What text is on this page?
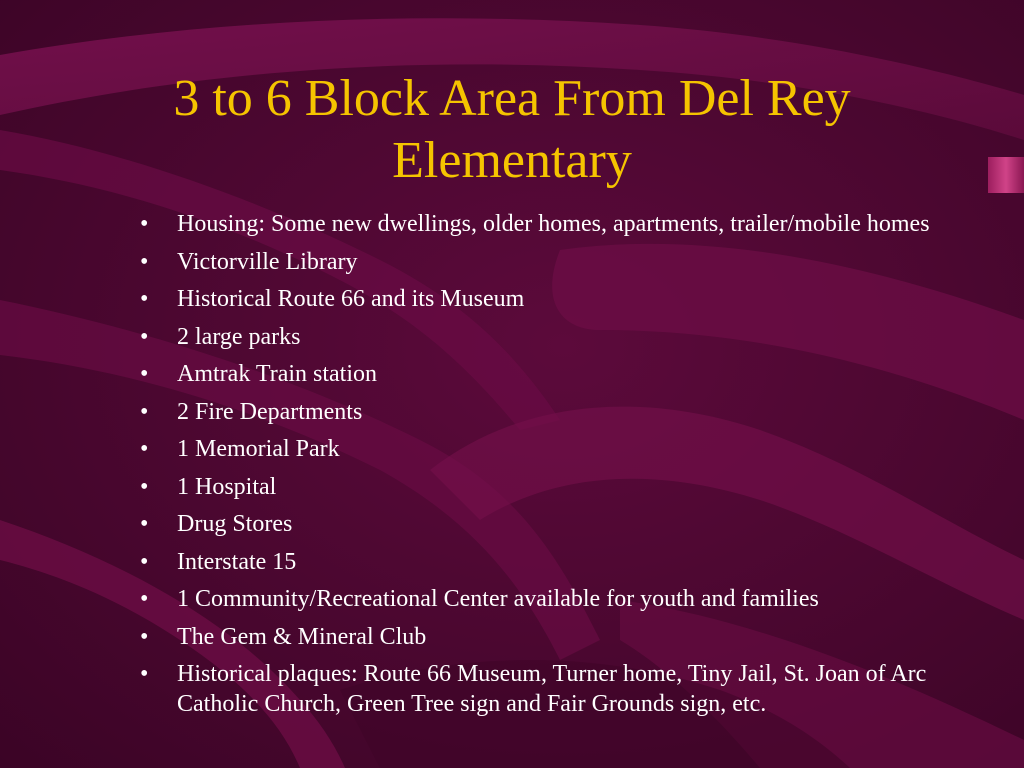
3 to 6 Block Area From Del Rey Elementary
•	Housing: Some new dwellings, older homes, apartments, trailer/mobile homes
•	Victorville Library
•	Historical Route 66 and its Museum
•	2 large parks
•	Amtrak Train station
•	2 Fire Departments
•	1 Memorial Park
•	1 Hospital
•	Drug Stores
•	Interstate 15
•	1 Community/Recreational Center available for youth and families
•	The Gem & Mineral Club
•	Historical plaques: Route 66 Museum, Turner home, Tiny Jail, St. Joan of Arc Catholic Church, Green Tree sign and Fair Grounds sign, etc.
